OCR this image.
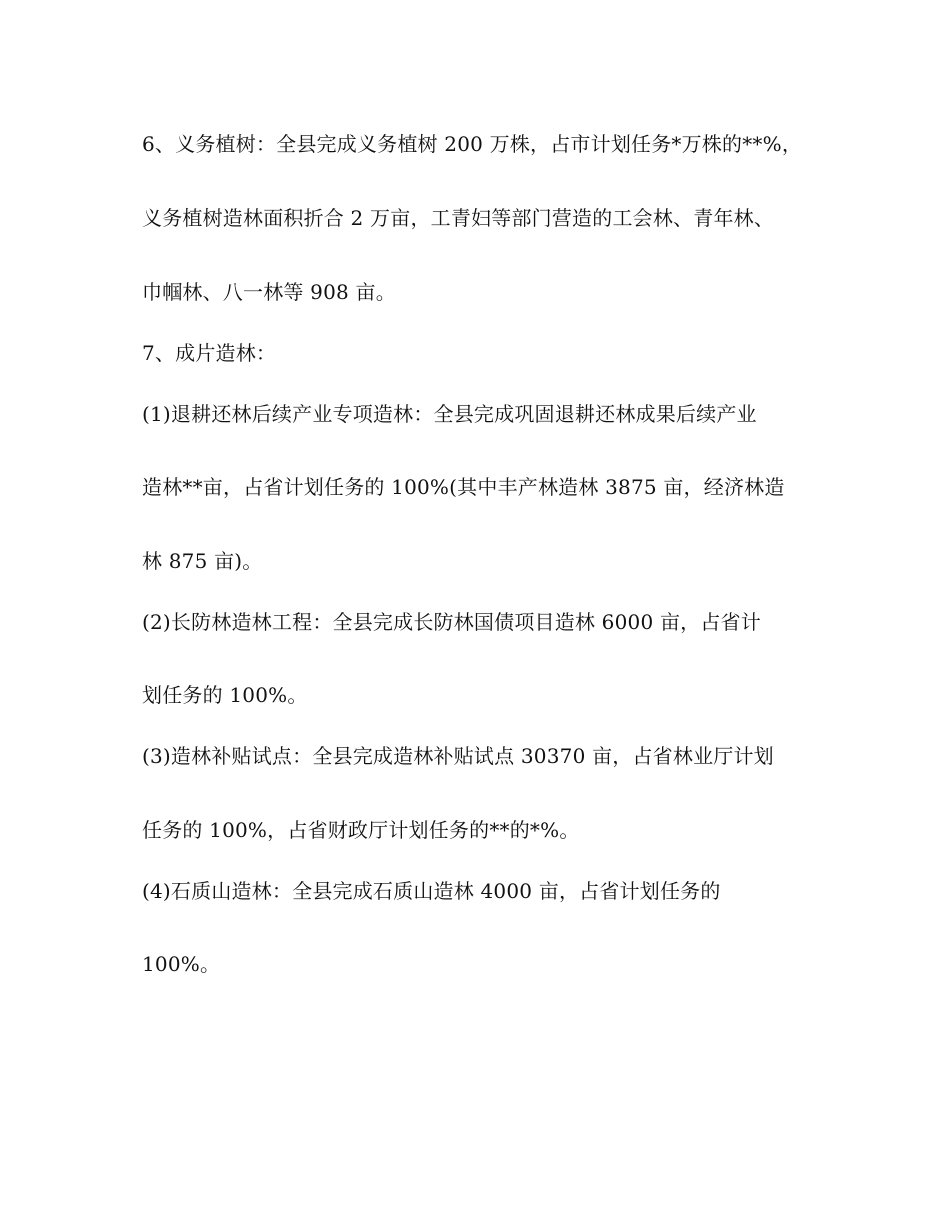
6、义务植树：全县完成义务植树 200 万株，占市计划任务*万株的**%，
义务植树造林面积折合 2 万亩，工青妇等部门营造的工会林、青年林、
巾帼林、八一林等 908 亩。
7、成片造林：
(1)退耕还林后续产业专项造林：全县完成巩固退耕还林成果后续产业
造林**亩，占省计划任务的 100%(其中丰产林造林 3875 亩，经济林造
林 875 亩)。
(2)长防林造林工程：全县完成长防林国债项目造林 6000 亩，占省计
划任务的 100%。
(3)造林补贴试点：全县完成造林补贴试点 30370 亩，占省林业厅计划
任务的 100%，占省财政厅计划任务的**的*%。
(4)石质山造林：全县完成石质山造林 4000 亩，占省计划任务的
100%。
